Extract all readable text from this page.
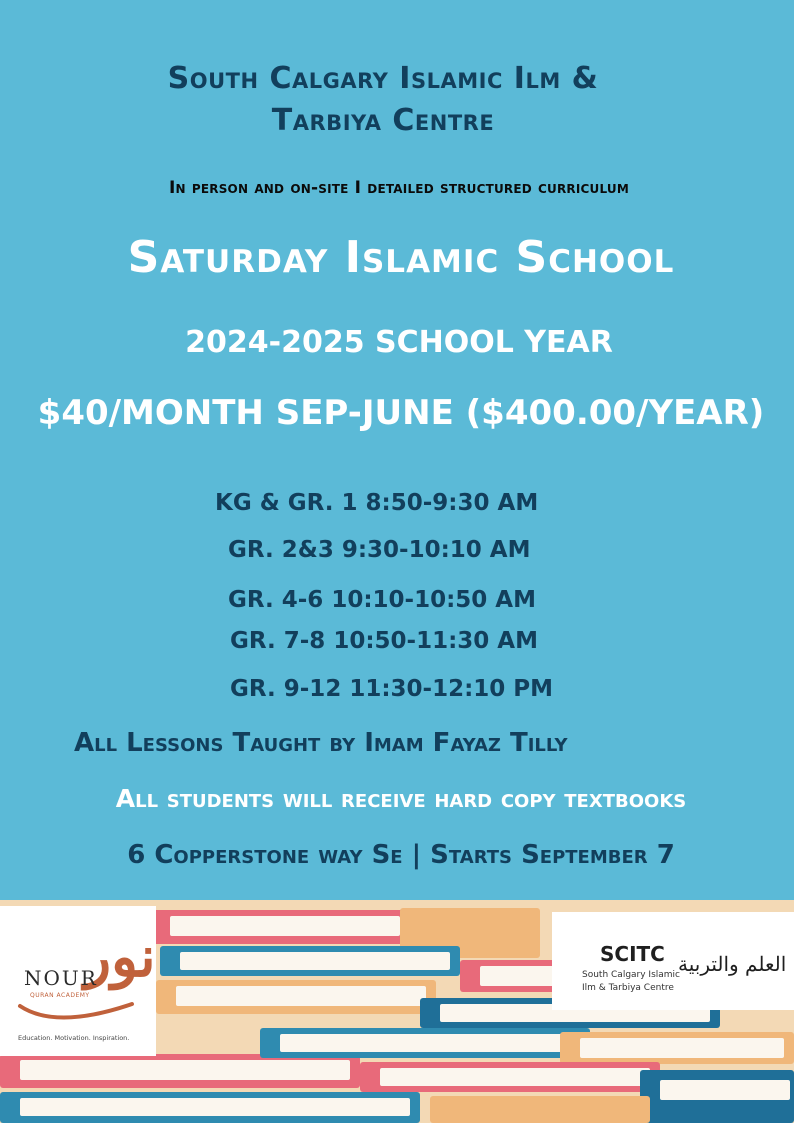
South Calgary Islamic Ilm &
Tarbiya Centre
In person and on-site I detailed structured curriculum
Saturday Islamic School
2024-2025 SCHOOL YEAR
$40/MONTH SEP-JUNE ($400.00/YEAR)
KG & GR. 1 8:50-9:30 AM
GR. 2&3 9:30-10:10 AM
GR. 4-6 10:10-10:50 AM
GR. 7-8 10:50-11:30 AM
GR. 9-12 11:30-12:10 PM
All Lessons Taught by Imam Fayaz Tilly
All students will receive hard copy textbooks
6 Copperstone way Se | Starts September 7
نور
NOUR
QURAN ACADEMY
Education. Motivation. Inspiration.
SCITC
South Calgary Islamic
Ilm & Tarbiya Centre
العلم والتربية
